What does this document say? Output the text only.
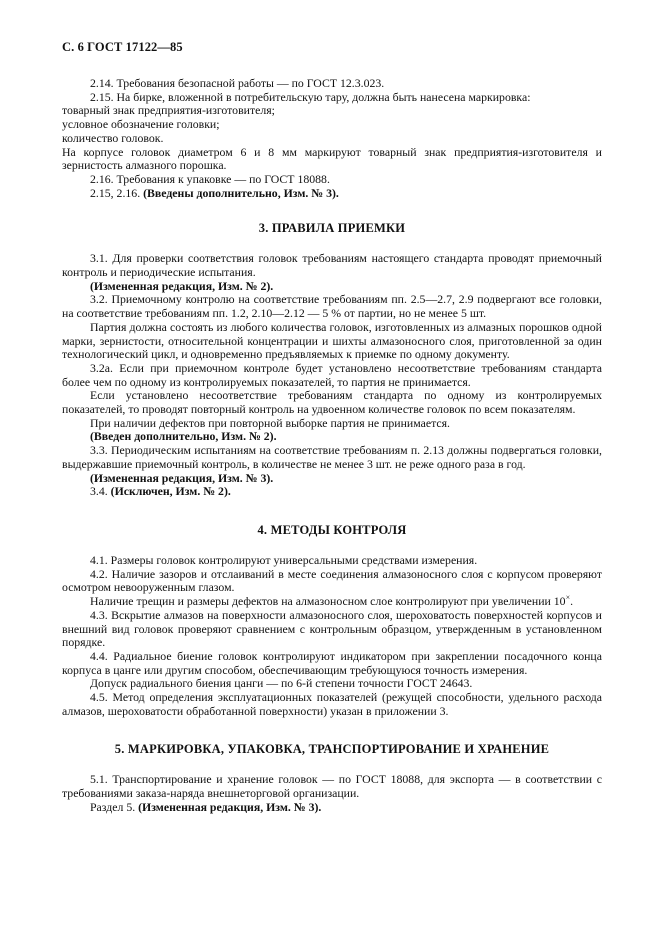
С. 6 ГОСТ 17122—85

2.14. Требования безопасной работы — по ГОСТ 12.3.023.

2.15. На бирке, вложенной в потребительскую тару, должна быть нанесена маркировка:

товарный знак предприятия-изготовителя;

условное обозначение головки;

количество головок.

На корпусе головок диаметром 6 и 8 мм маркируют товарный знак предприятия-изготовителя и зернистость алмазного порошка.

2.16. Требования к упаковке — по ГОСТ 18088.

2.15, 2.16. (Введены дополнительно, Изм. № 3).

3. ПРАВИЛА ПРИЕМКИ

3.1. Для проверки соответствия головок требованиям настоящего стандарта проводят приемочный контроль и периодические испытания.

(Измененная редакция, Изм. № 2).

3.2. Приемочному контролю на соответствие требованиям пп. 2.5—2.7, 2.9 подвергают все головки, на соответствие требованиям пп. 1.2, 2.10—2.12 — 5 % от партии, но не менее 5 шт.

Партия должна состоять из любого количества головок, изготовленных из алмазных порошков одной марки, зернистости, относительной концентрации и шихты алмазоносного слоя, приготовленной за один технологический цикл, и одновременно предъявляемых к приемке по одному документу.

3.2а. Если при приемочном контроле будет установлено несоответствие требованиям стандарта более чем по одному из контролируемых показателей, то партия не принимается.

Если установлено несоответствие требованиям стандарта по одному из контролируемых показателей, то проводят повторный контроль на удвоенном количестве головок по всем показателям.

При наличии дефектов при повторной выборке партия не принимается.

(Введен дополнительно, Изм. № 2).

3.3. Периодическим испытаниям на соответствие требованиям п. 2.13 должны подвергаться головки, выдержавшие приемочный контроль, в количестве не менее 3 шт. не реже одного раза в год.

(Измененная редакция, Изм. № 3).

3.4. (Исключен, Изм. № 2).

4. МЕТОДЫ КОНТРОЛЯ

4.1. Размеры головок контролируют универсальными средствами измерения.

4.2. Наличие зазоров и отслаиваний в месте соединения алмазоносного слоя с корпусом проверяют осмотром невооруженным глазом.

Наличие трещин и размеры дефектов на алмазоносном слое контролируют при увеличении 10×.

4.3. Вскрытие алмазов на поверхности алмазоносного слоя, шероховатость поверхностей корпусов и внешний вид головок проверяют сравнением с контрольным образцом, утвержденным в установленном порядке.

4.4. Радиальное биение головок контролируют индикатором при закреплении посадочного конца корпуса в цанге или другим способом, обеспечивающим требующуюся точность измерения.

Допуск радиального биения цанги — по 6-й степени точности ГОСТ 24643.

4.5. Метод определения эксплуатационных показателей (режущей способности, удельного расхода алмазов, шероховатости обработанной поверхности) указан в приложении 3.

5. МАРКИРОВКА, УПАКОВКА, ТРАНСПОРТИРОВАНИЕ И ХРАНЕНИЕ

5.1. Транспортирование и хранение головок — по ГОСТ 18088, для экспорта — в соответствии с требованиями заказа-наряда внешнеторговой организации.

Раздел 5. (Измененная редакция, Изм. № 3).
